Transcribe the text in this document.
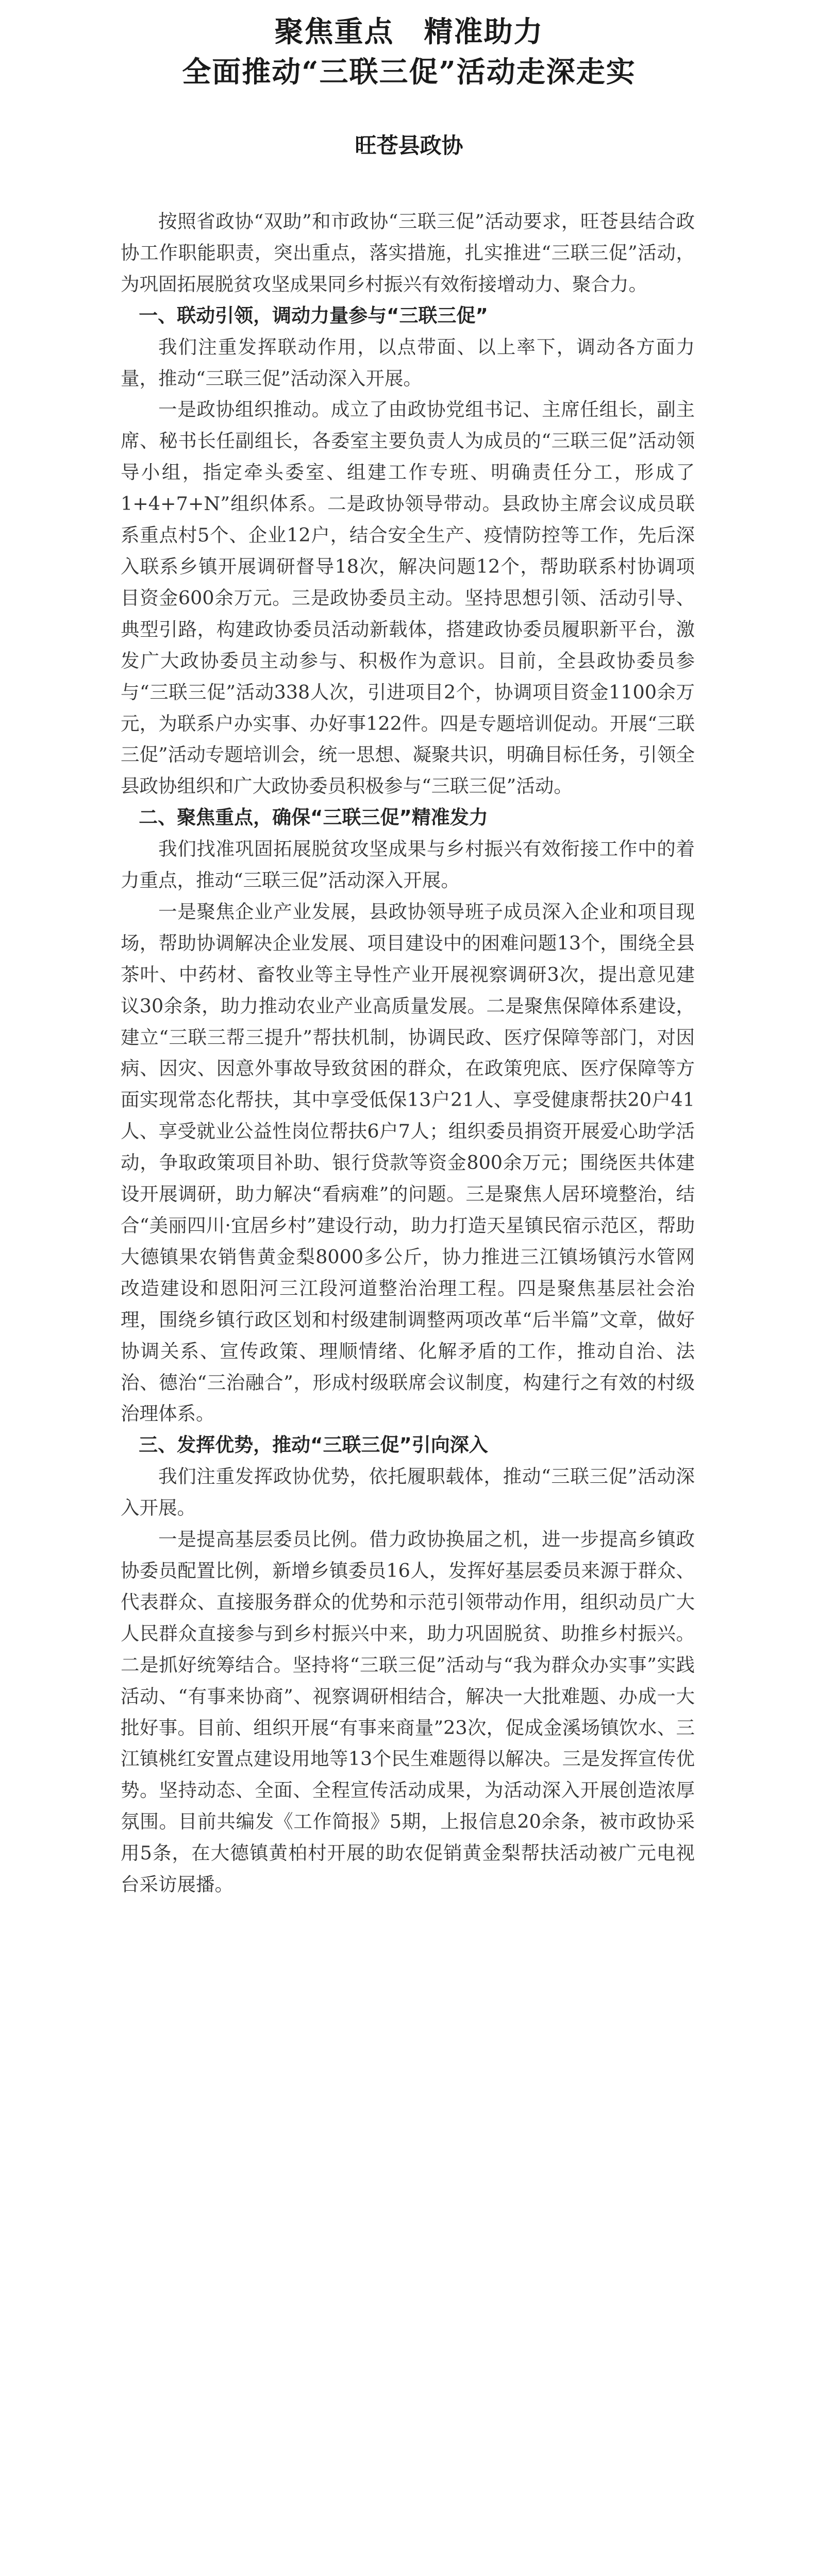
聚焦重点　精准助力
全面推动“三联三促”活动走深走实
旺苍县政协

按照省政协“双助”和市政协“三联三促”活动要求，旺苍县结合政协工作职能职责，突出重点，落实措施，扎实推进“三联三促”活动，为巩固拓展脱贫攻坚成果同乡村振兴有效衔接增动力、聚合力。

一、联动引领，调动力量参与“三联三促”

我们注重发挥联动作用，以点带面、以上率下，调动各方面力量，推动“三联三促”活动深入开展。

一是政协组织推动。成立了由政协党组书记、主席任组长，副主席、秘书长任副组长，各委室主要负责人为成员的“三联三促”活动领导小组，指定牵头委室、组建工作专班、明确责任分工，形成了1+4+7+N”组织体系。二是政协领导带动。县政协主席会议成员联系重点村5个、企业12户，结合安全生产、疫情防控等工作，先后深入联系乡镇开展调研督导18次，解决问题12个，帮助联系村协调项目资金600余万元。三是政协委员主动。坚持思想引领、活动引导、典型引路，构建政协委员活动新载体，搭建政协委员履职新平台，激发广大政协委员主动参与、积极作为意识。目前，全县政协委员参与“三联三促”活动338人次，引进项目2个，协调项目资金1100余万元，为联系户办实事、办好事122件。四是专题培训促动。开展“三联三促”活动专题培训会，统一思想、凝聚共识，明确目标任务，引领全县政协组织和广大政协委员积极参与“三联三促”活动。

二、聚焦重点，确保“三联三促”精准发力

我们找准巩固拓展脱贫攻坚成果与乡村振兴有效衔接工作中的着力重点，推动“三联三促”活动深入开展。

一是聚焦企业产业发展，县政协领导班子成员深入企业和项目现场，帮助协调解决企业发展、项目建设中的困难问题13个，围绕全县茶叶、中药材、畜牧业等主导性产业开展视察调研3次，提出意见建议30余条，助力推动农业产业高质量发展。二是聚焦保障体系建设，建立“三联三帮三提升”帮扶机制，协调民政、医疗保障等部门，对因病、因灾、因意外事故导致贫困的群众，在政策兜底、医疗保障等方面实现常态化帮扶，其中享受低保13户21人、享受健康帮扶20户41人、享受就业公益性岗位帮扶6户7人；组织委员捐资开展爱心助学活动，争取政策项目补助、银行贷款等资金800余万元；围绕医共体建设开展调研，助力解决“看病难”的问题。三是聚焦人居环境整治，结合“美丽四川·宜居乡村”建设行动，助力打造天星镇民宿示范区，帮助大德镇果农销售黄金梨8000多公斤，协力推进三江镇场镇污水管网改造建设和恩阳河三江段河道整治治理工程。四是聚焦基层社会治理，围绕乡镇行政区划和村级建制调整两项改革“后半篇”文章，做好协调关系、宣传政策、理顺情绪、化解矛盾的工作，推动自治、法治、德治“三治融合”，形成村级联席会议制度，构建行之有效的村级治理体系。

三、发挥优势，推动“三联三促”引向深入

我们注重发挥政协优势，依托履职载体，推动“三联三促”活动深入开展。

一是提高基层委员比例。借力政协换届之机，进一步提高乡镇政协委员配置比例，新增乡镇委员16人，发挥好基层委员来源于群众、代表群众、直接服务群众的优势和示范引领带动作用，组织动员广大人民群众直接参与到乡村振兴中来，助力巩固脱贫、助推乡村振兴。二是抓好统筹结合。坚持将“三联三促”活动与“我为群众办实事”实践活动、“有事来协商”、视察调研相结合，解决一大批难题、办成一大批好事。目前、组织开展“有事来商量”23次，促成金溪场镇饮水、三江镇桃红安置点建设用地等13个民生难题得以解决。三是发挥宣传优势。坚持动态、全面、全程宣传活动成果，为活动深入开展创造浓厚氛围。目前共编发《工作简报》5期，上报信息20余条，被市政协采用5条，在大德镇黄柏村开展的助农促销黄金梨帮扶活动被广元电视台采访展播。
